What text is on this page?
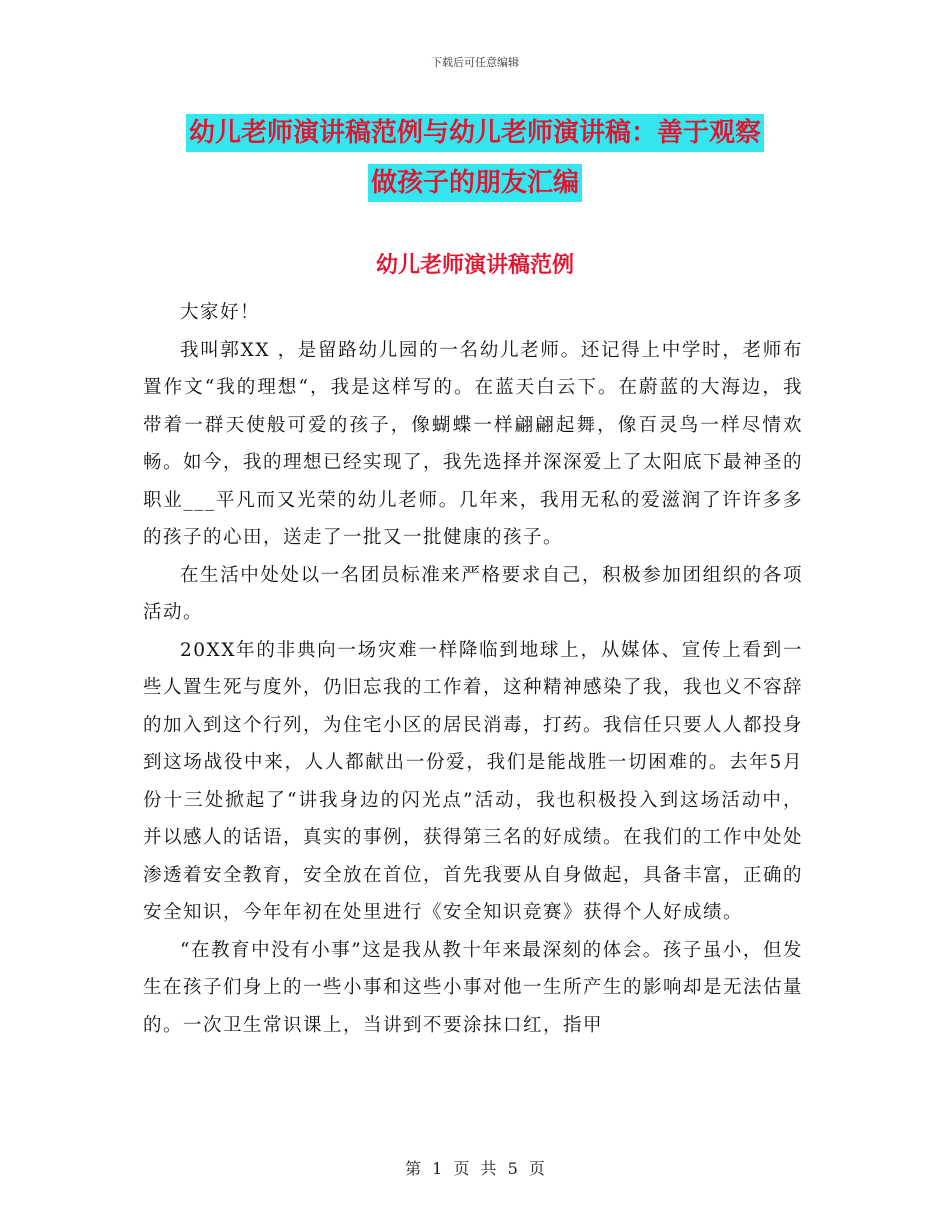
下载后可任意编辑
幼儿老师演讲稿范例与幼儿老师演讲稿：善于观察
做孩子的朋友汇编
幼儿老师演讲稿范例

大家好！

我叫郭XX ，是留路幼儿园的一名幼儿老师。还记得上中学时，老师布置作文“我的理想“，我是这样写的。在蓝天白云下。在蔚蓝的大海边，我带着一群天使般可爱的孩子，像蝴蝶一样翩翩起舞，像百灵鸟一样尽情欢畅。如今，我的理想已经实现了，我先选择并深深爱上了太阳底下最神圣的职业___平凡而又光荣的幼儿老师。几年来，我用无私的爱滋润了许许多多的孩子的心田，送走了一批又一批健康的孩子。

在生活中处处以一名团员标准来严格要求自己，积极参加团组织的各项活动。

20XX年的非典向一场灾难一样降临到地球上，从媒体、宣传上看到一些人置生死与度外，仍旧忘我的工作着，这种精神感染了我，我也义不容辞的加入到这个行列，为住宅小区的居民消毒，打药。我信任只要人人都投身到这场战役中来，人人都献出一份爱，我们是能战胜一切困难的。去年5月份十三处掀起了“讲我身边的闪光点”活动，我也积极投入到这场活动中，并以感人的话语，真实的事例，获得第三名的好成绩。在我们的工作中处处渗透着安全教育，安全放在首位，首先我要从自身做起，具备丰富，正确的安全知识，今年年初在处里进行《安全知识竞赛》获得个人好成绩。

“在教育中没有小事”这是我从教十年来最深刻的体会。孩子虽小，但发生在孩子们身上的一些小事和这些小事对他一生所产生的影响却是无法估量的。一次卫生常识课上，当讲到不要涂抹口红，指甲

第 1 页 共 5 页
